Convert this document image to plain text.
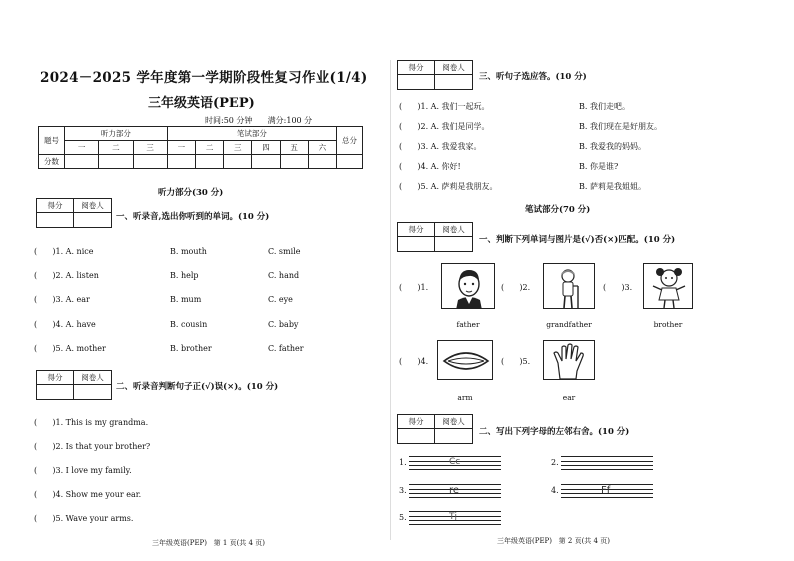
2024－2025 学年度第一学期阶段性复习作业(1/4)
三年级英语(PEP)
时间:50 分钟      满分:100 分
题号	听力部分			笔试部分						总分
	一	二	三	一	二	三	四	五	六	
分数										
听力部分(30 分)
得分	阅卷人
一、听录音,选出你听到的单词。(10 分)
(      )1. A. nice	B. mouth	C. smile
(      )2. A. listen	B. help	C. hand
(      )3. A. ear	B. mum	C. eye
(      )4. A. have	B. cousin	C. baby
(      )5. A. mother	B. brother	C. father
得分	阅卷人
二、听录音判断句子正(√)误(×)。(10 分)
(      )1. This is my grandma.
(      )2. Is that your brother?
(      )3. I love my family.
(      )4. Show me your ear.
(      )5. Wave your arms.
三年级英语(PEP)   第 1 页(共 4 页)
得分	阅卷人
三、听句子选应答。(10 分)
(      )1. A. 我们一起玩。	B. 我们走吧。
(      )2. A. 我们是同学。	B. 我们现在是好朋友。
(      )3. A. 我爱我家。	B. 我爱我的妈妈。
(      )4. A. 你好!	B. 你是谁?
(      )5. A. 萨莉是我朋友。	B. 萨莉是我姐姐。
笔试部分(70 分)
得分	阅卷人
一、判断下列单词与图片是(√)否(×)匹配。(10 分)
(      )1.
father
(      )2.
grandfather
(      )3.
brother
(      )4.
arm
(      )5.
ear
得分	阅卷人
二、写出下列字母的左邻右舍。(10 分)
1.	Cc	2.
3.	re	4.	Ff
5.	Tj
三年级英语(PEP)   第 2 页(共 4 页)
